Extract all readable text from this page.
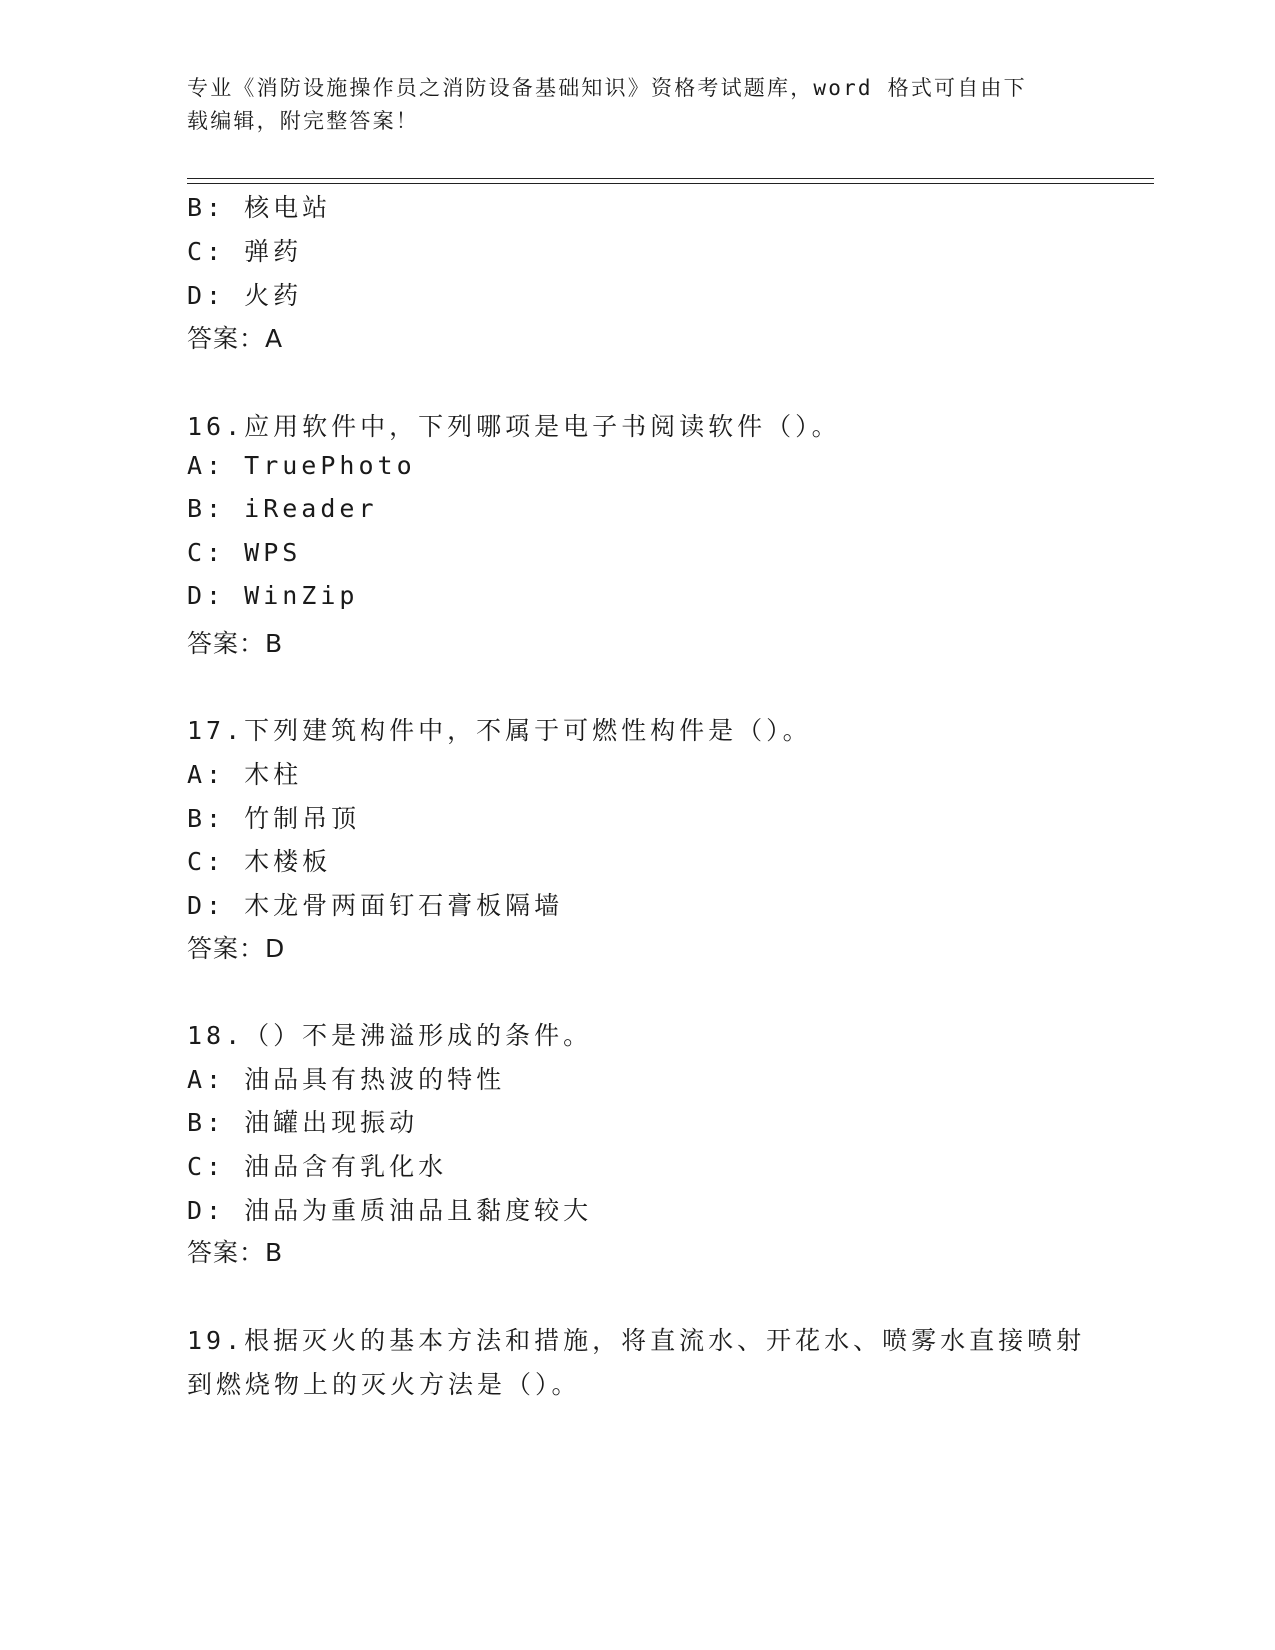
专业《消防设施操作员之消防设备基础知识》资格考试题库，word 格式可自由下
载编辑，附完整答案！
B: 核电站
C: 弹药
D: 火药
答案：A
16.应用软件中，下列哪项是电子书阅读软件（）。
A: TruePhoto
B: iReader
C: WPS
D: WinZip
答案：B
17.下列建筑构件中，不属于可燃性构件是（）。
A: 木柱
B: 竹制吊顶
C: 木楼板
D: 木龙骨两面钉石膏板隔墙
答案：D
18.（）不是沸溢形成的条件。
A: 油品具有热波的特性
B: 油罐出现振动
C: 油品含有乳化水
D: 油品为重质油品且黏度较大
答案：B
19.根据灭火的基本方法和措施，将直流水、开花水、喷雾水直接喷射
到燃烧物上的灭火方法是（）。
